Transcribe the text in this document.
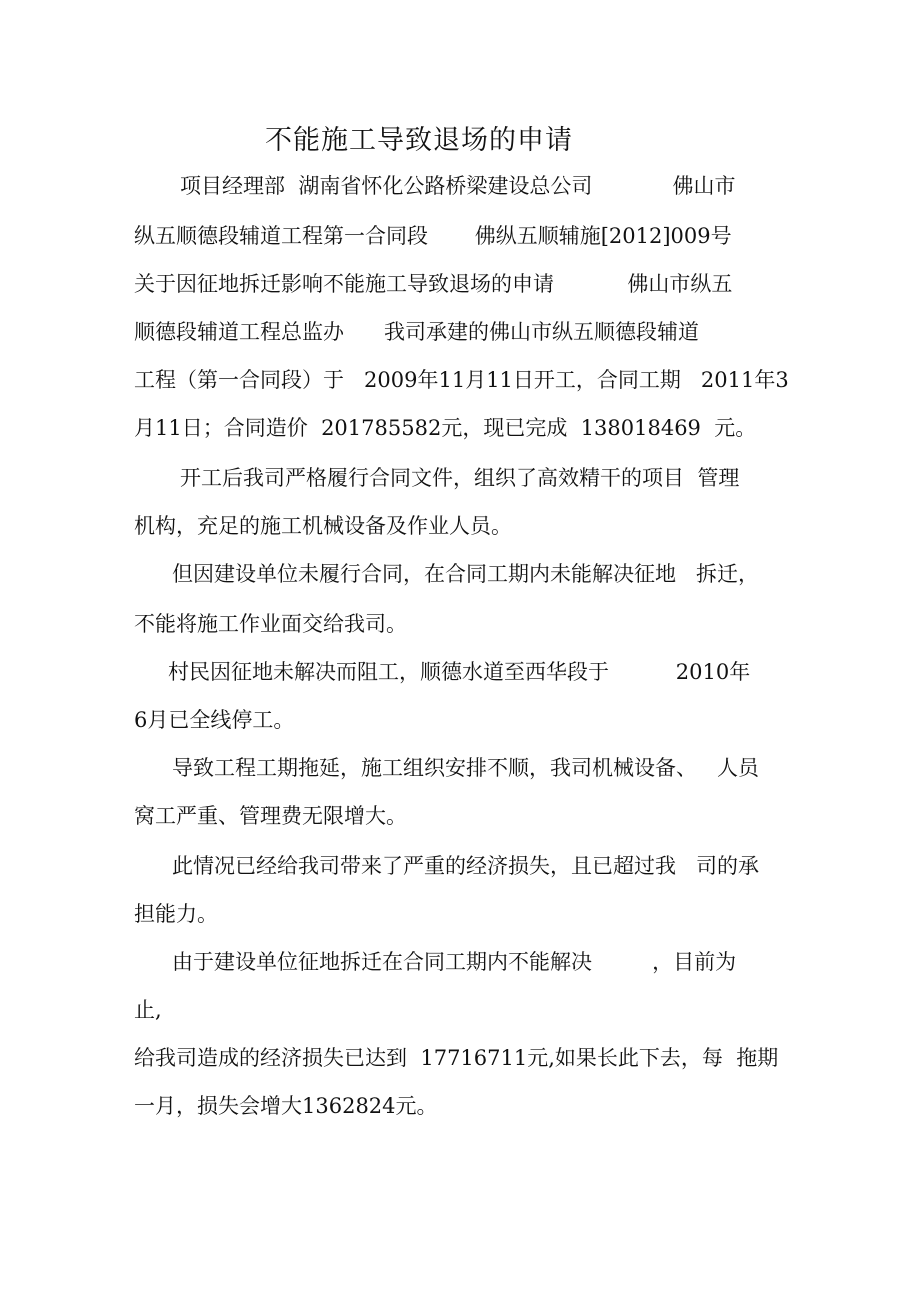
不能施工导致退场的申请
项目经理部  湖南省怀化公路桥梁建设总公司            佛山市
纵五顺德段辅道工程第一合同段       佛纵五顺辅施[2012]009号
关于因征地拆迁影响不能施工导致退场的申请           佛山市纵五
顺德段辅道工程总监办      我司承建的佛山市纵五顺德段辅道
工程（第一合同段）于   2009年11月11日开工，合同工期   2011年3
月11日；合同造价  201785582元，现已完成  138018469  元。
开工后我司严格履行合同文件，组织了高效精干的项目  管理
机构，充足的施工机械设备及作业人员。
但因建设单位未履行合同，在合同工期内未能解决征地   拆迁，
不能将施工作业面交给我司。
村民因征地未解决而阻工，顺德水道至西华段于          2010年
6月已全线停工。
导致工程工期拖延，施工组织安排不顺，我司机械设备、   人员
窝工严重、管理费无限增大。
此情况已经给我司带来了严重的经济损失，且已超过我   司的承
担能力。
由于建设单位征地拆迁在合同工期内不能解决         ，目前为
止,
给我司造成的经济损失已达到  17716711元,如果长此下去，每  拖期
一月，损失会增大1362824元。
